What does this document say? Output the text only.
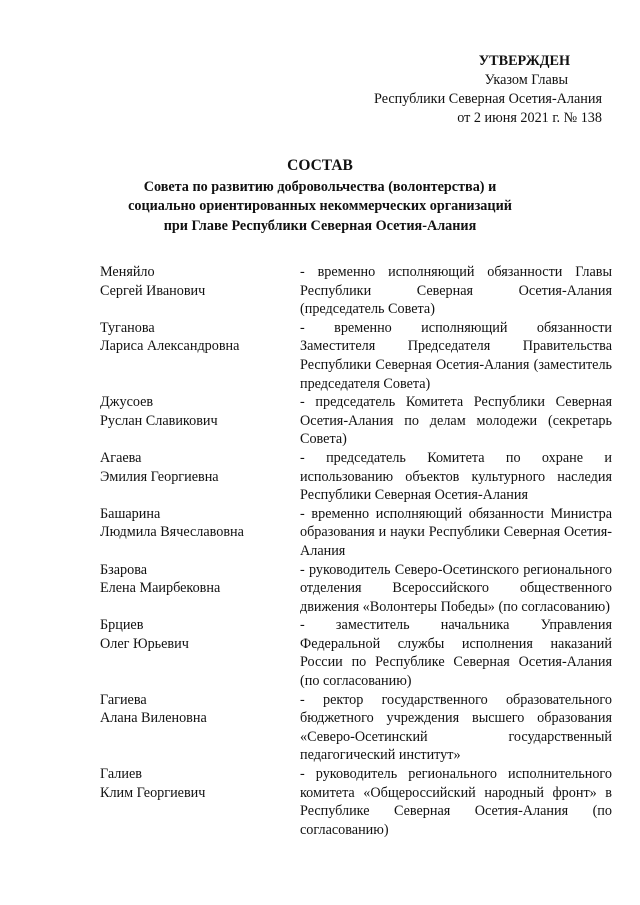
УТВЕРЖДЕН
Указом Главы
Республики Северная Осетия-Алания
от 2 июня 2021 г. № 138
СОСТАВ
Совета по развитию добровольчества (волонтерства) и
социально ориентированных некоммерческих организаций
при Главе Республики Северная Осетия-Алания
Меняйло
Сергей Иванович
- временно исполняющий обязанности Главы Республики Северная Осетия-Алания (председатель Совета)
Туганова
Лариса Александровна
- временно исполняющий обязанности Заместителя Председателя Правительства Республики Северная Осетия-Алания (заместитель председателя Совета)
Джусоев
Руслан Славикович
- председатель Комитета Республики Северная Осетия-Алания по делам молодежи (секретарь Совета)
Агаева
Эмилия Георгиевна
- председатель Комитета по охране и использованию объектов культурного наследия Республики Северная Осетия-Алания
Башарина
Людмила Вячеславовна
- временно исполняющий обязанности Министра образования и науки Республики Северная Осетия-Алания
Бзарова
Елена Маирбековна
- руководитель Северо-Осетинского регионального отделения Всероссийского общественного движения «Волонтеры Победы» (по согласованию)
Брциев
Олег Юрьевич
- заместитель начальника Управления Федеральной службы исполнения наказаний России по Республике Северная Осетия-Алания (по согласованию)
Гагиева
Алана Виленовна
- ректор государственного образовательного бюджетного учреждения высшего образования «Северо-Осетинский государственный педагогический институт»
Галиев
Клим Георгиевич
- руководитель регионального исполнительного комитета «Общероссийский народный фронт» в Республике Северная Осетия-Алания (по согласованию)
